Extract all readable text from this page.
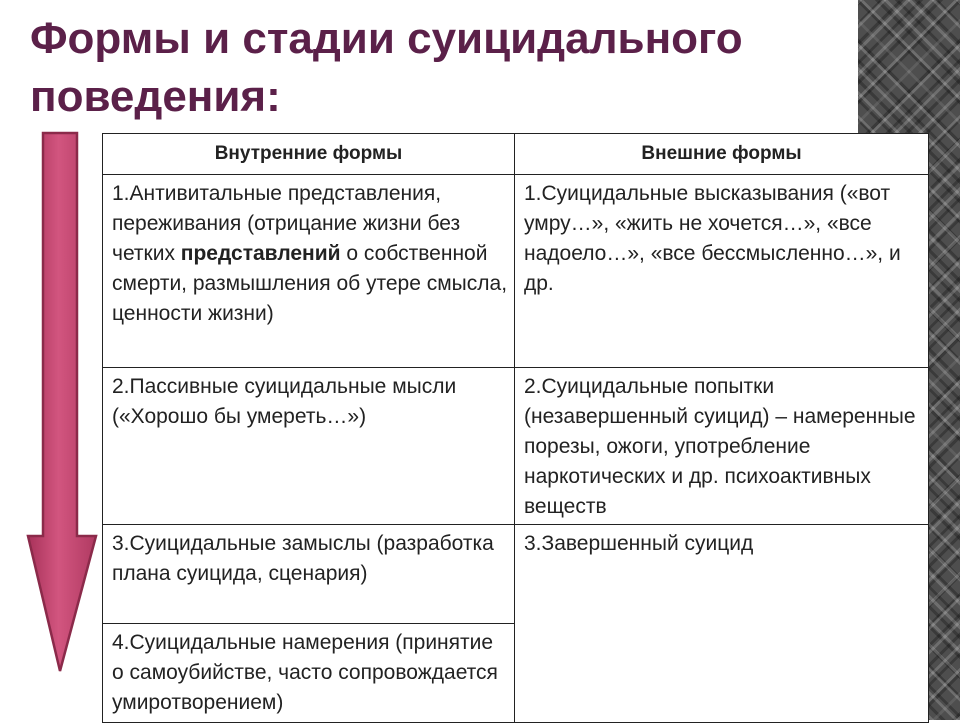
Формы и стадии суицидального поведения:
Внутренние формы	Внешние формы
1.Антивитальные представления, переживания (отрицание жизни без четких представлений о собственной смерти, размышления об утере смысла, ценности жизни)	1.Суицидальные высказывания («вот умру…», «жить не хочется…», «все надоело…», «все бессмысленно…», и др.
2.Пассивные суицидальные мысли («Хорошо бы умереть…»)	2.Суицидальные попытки (незавершенный суицид) – намеренные порезы, ожоги, употребление наркотических и др. психоактивных веществ
3.Суицидальные замыслы (разработка плана суицида, сценария)	3.Завершенный суицид
4.Суицидальные намерения (принятие о самоубийстве, часто сопровождается умиротворением)	
